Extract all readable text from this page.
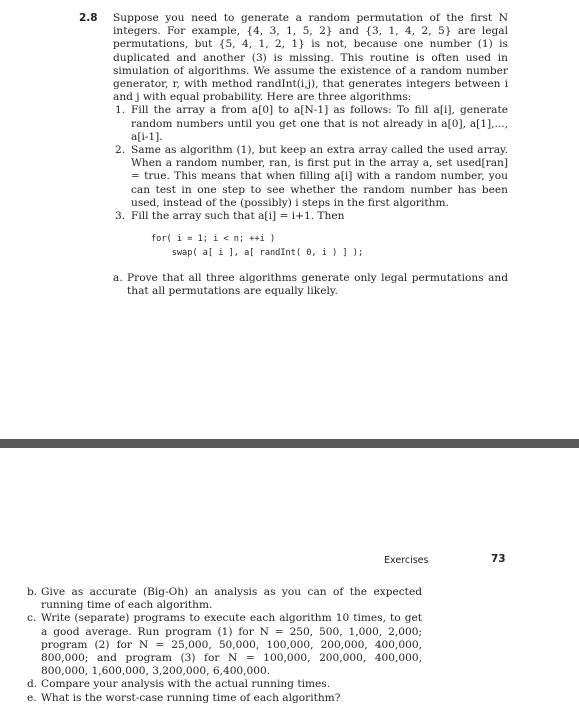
2.8 Suppose you need to generate a random permutation of the first N integers. For example, {4, 3, 1, 5, 2} and {3, 1, 4, 2, 5} are legal permutations, but {5, 4, 1, 2, 1} is not, because one number (1) is duplicated and another (3) is missing. This routine is often used in simulation of algorithms. We assume the existence of a random number generator, r, with method randInt(i,j), that generates integers between i and j with equal probability. Here are three algorithms:

1. Fill the array a from a[0] to a[N-1] as follows: To fill a[i], generate random numbers until you get one that is not already in a[0], a[1],..., a[i-1].
2. Same as algorithm (1), but keep an extra array called the used array. When a random number, ran, is first put in the array a, set used[ran] = true. This means that when filling a[i] with a random number, you can test in one step to see whether the random number has been used, instead of the (possibly) i steps in the first algorithm.
3. Fill the array such that a[i] = i+1. Then
for( i = 1; i < n; ++i )
swap( a[ i ], a[ randInt( 0, i ) ] );
a. Prove that all three algorithms generate only legal permutations and that all permutations are equally likely.
Exercises	73
b. Give as accurate (Big-Oh) an analysis as you can of the expected running time of each algorithm.
c. Write (separate) programs to execute each algorithm 10 times, to get a good average. Run program (1) for N = 250, 500, 1,000, 2,000; program (2) for N = 25,000, 50,000, 100,000, 200,000, 400,000, 800,000; and program (3) for N = 100,000, 200,000, 400,000, 800,000, 1,600,000, 3,200,000, 6,400,000.
d. Compare your analysis with the actual running times.
e. What is the worst-case running time of each algorithm?
